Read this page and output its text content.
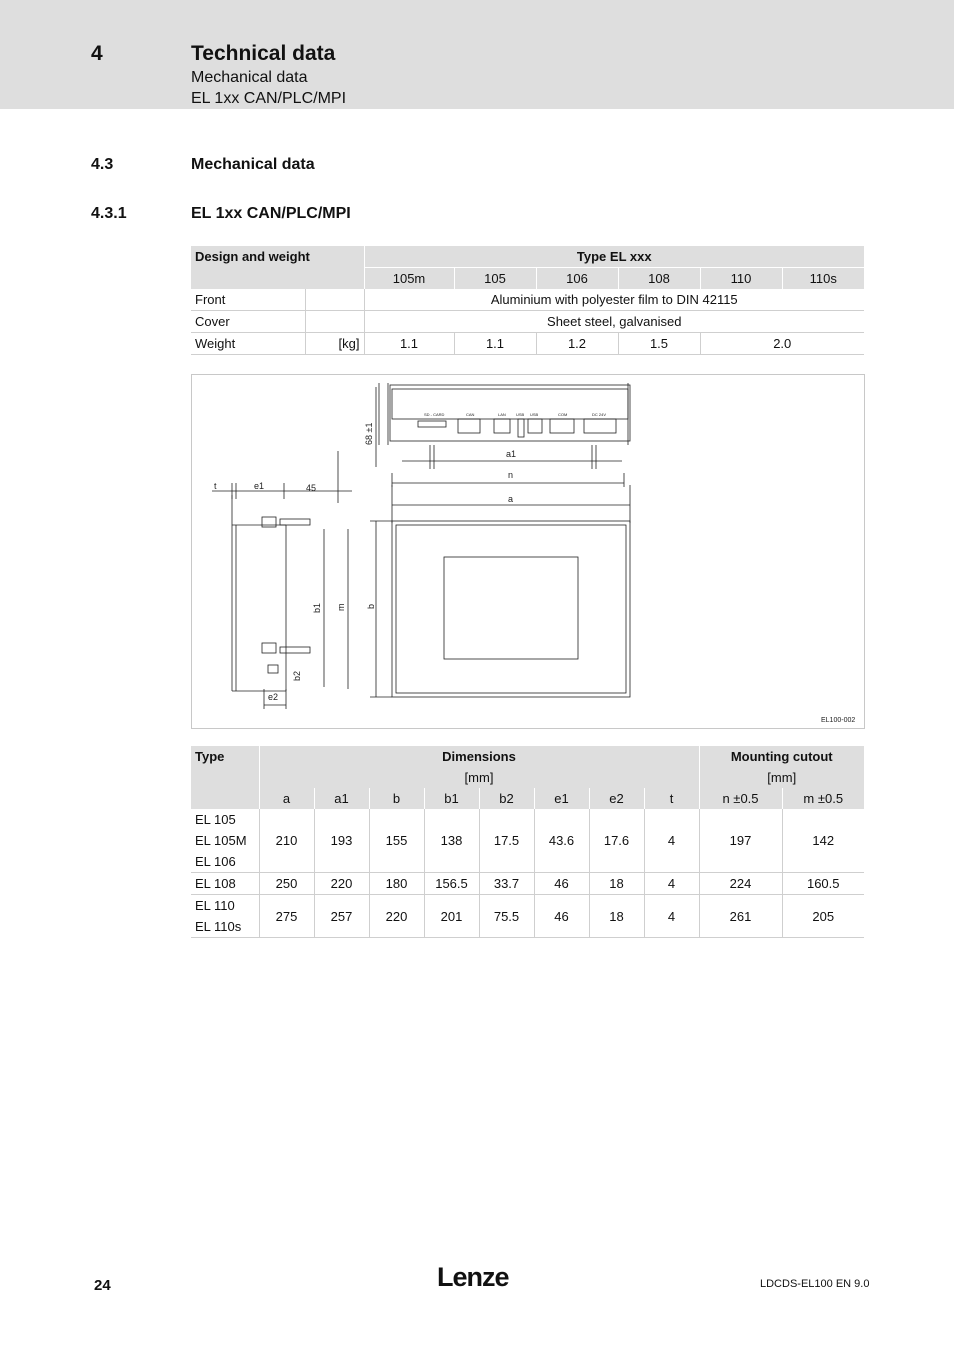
4	Technical data
Mechanical data
EL 1xx CAN/PLC/MPI
4.3	Mechanical data
4.3.1	EL 1xx CAN/PLC/MPI
Design and weight		Type EL xxx					
		105m	105	106	108	110	110s
Front		Aluminium with polyester film to DIN 42115					
Cover		Sheet steel, galvanised					
Weight	[kg]	1.1	1.1	1.2	1.5	2.0	
a1
n
a
b
68 ±1
b1 m
b2
t	e1	45
e2
SD - CARD	CAN	LAN	USB USB	COM	DC 24V
EL100-002
Type	Dimensions								Mounting cutout	
	[mm]								[mm]	
	a	a1	b	b1	b2	e1	e2	t	n ±0.5	m ±0.5
EL 105	210	193	155	138	17.5	43.6	17.6	4	197	142
EL 105M										
EL 106										
EL 108	250	220	180	156.5	33.7	46	18	4	224	160.5
EL 110	275	257	220	201	75.5	46	18	4	261	205
EL 110s										
24	Lenze	LDCDS-EL100 EN 9.0
